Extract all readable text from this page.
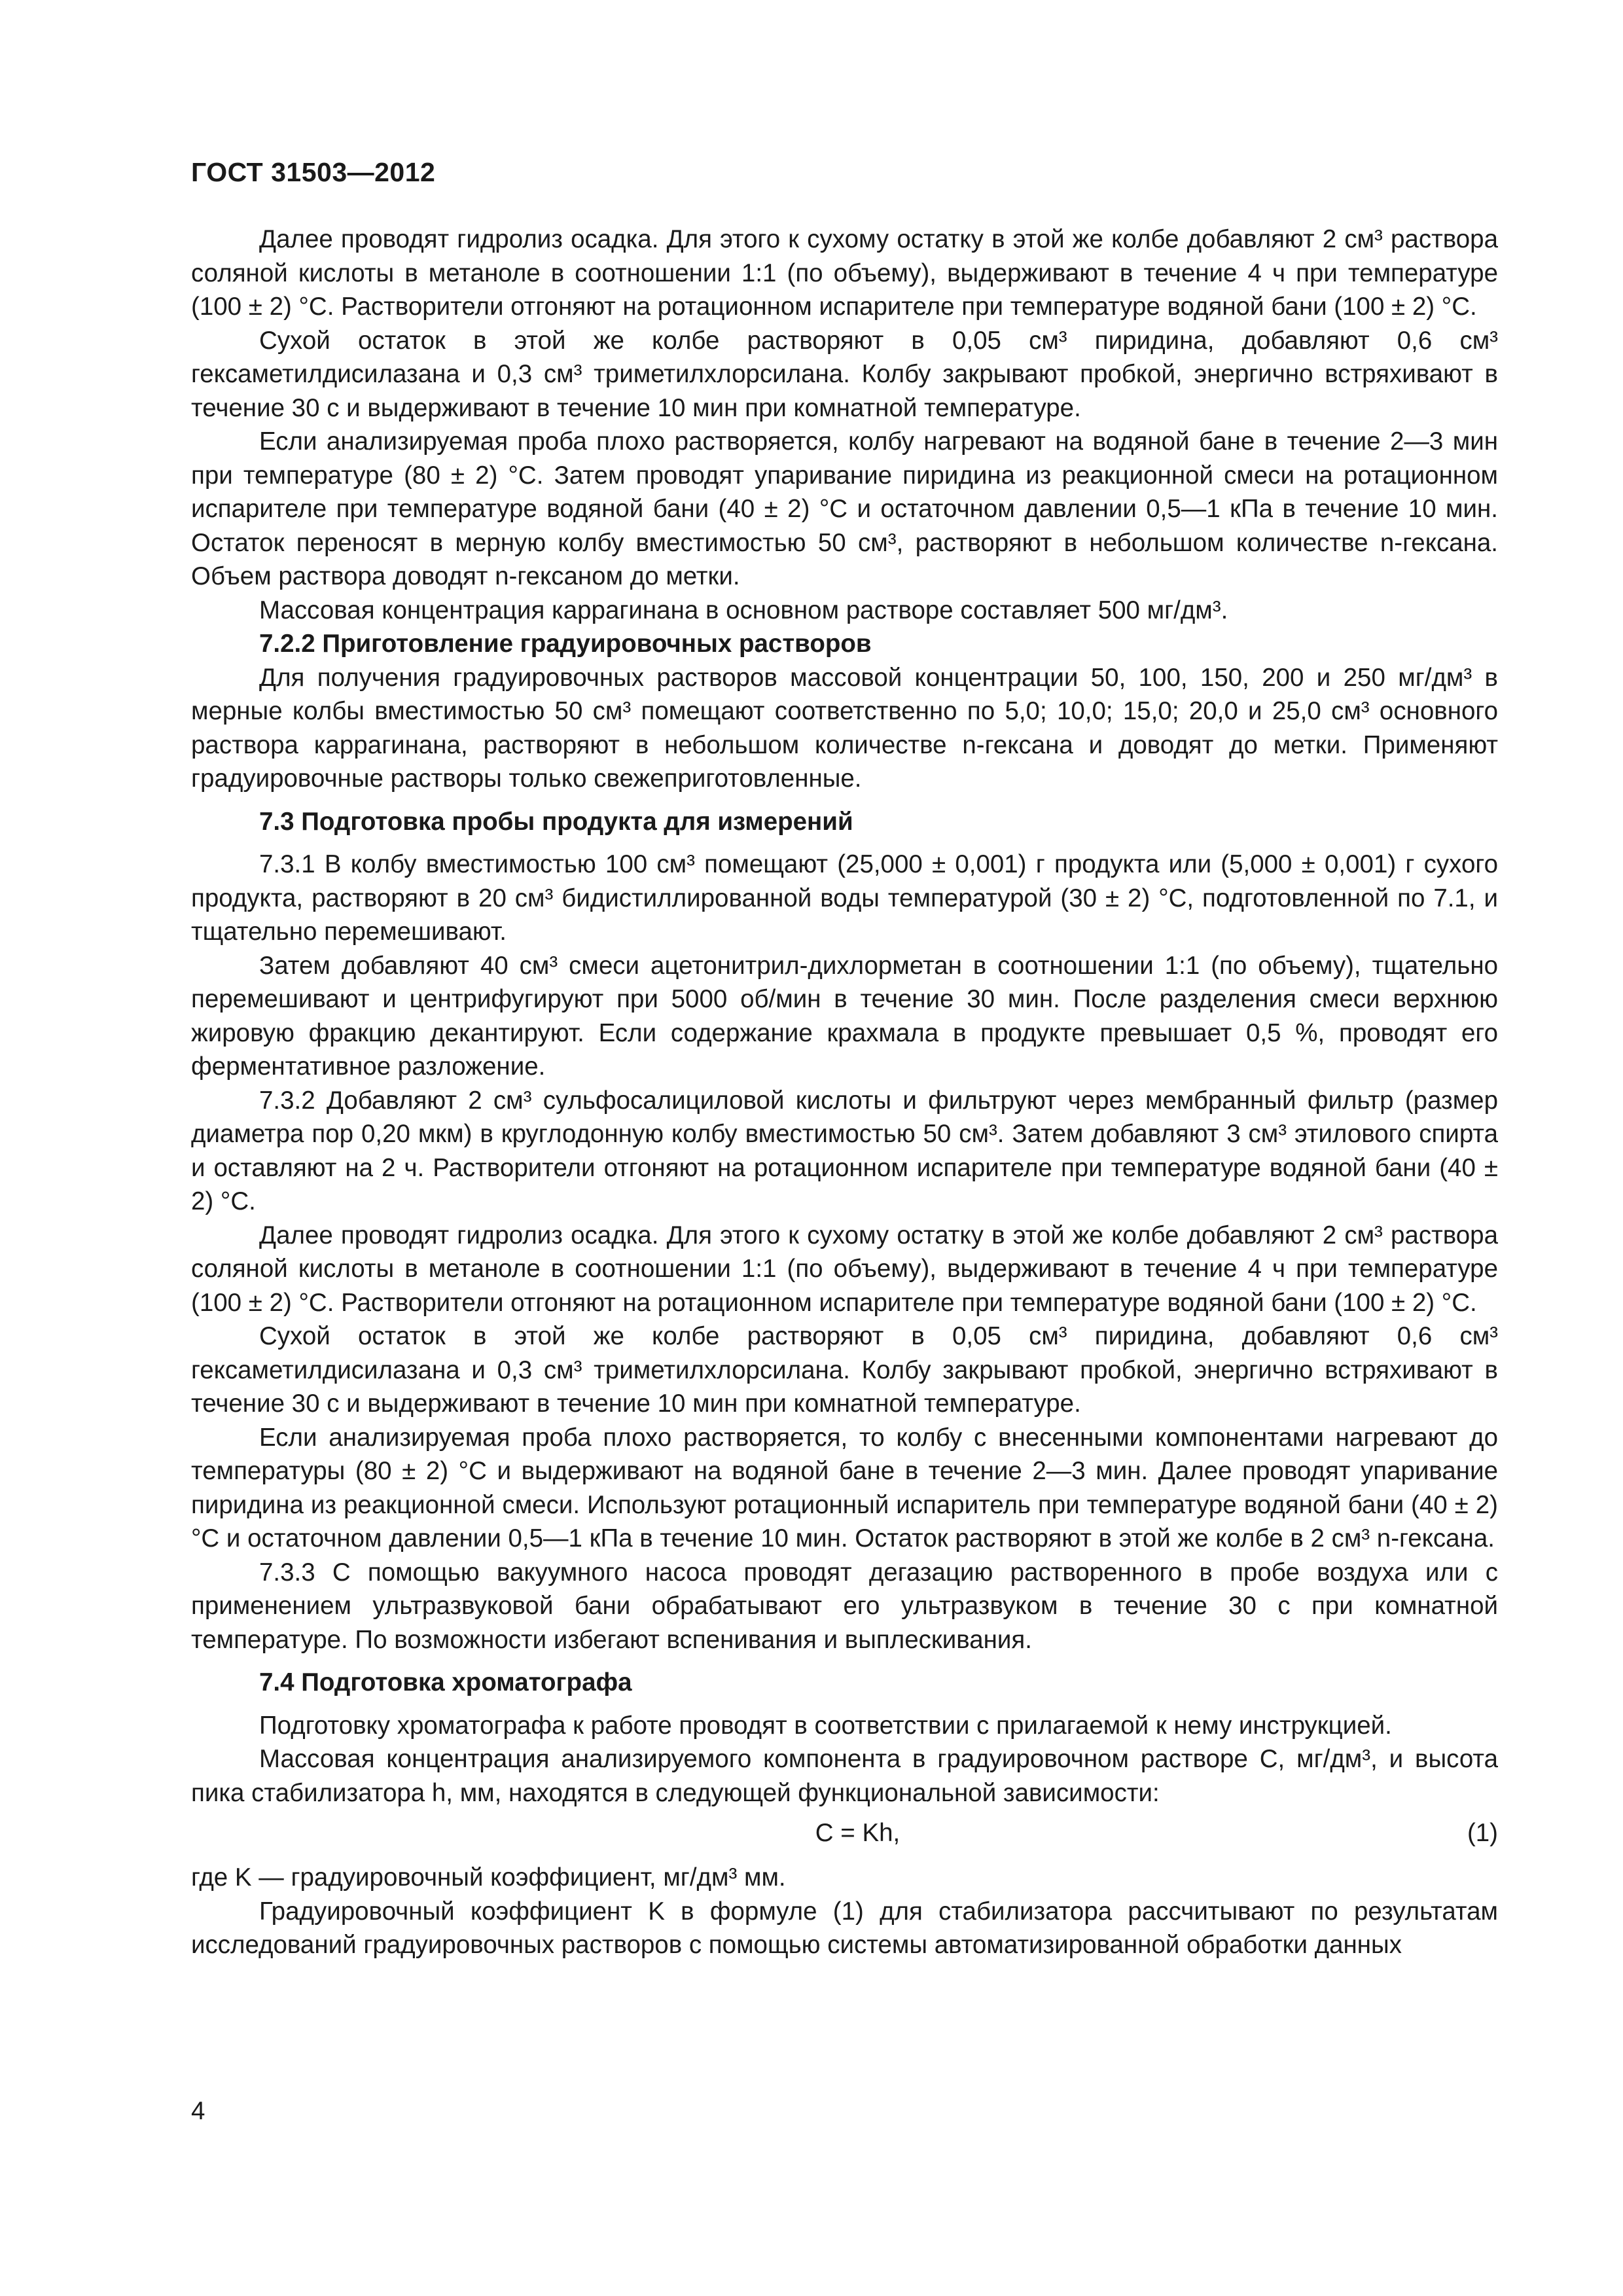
ГОСТ 31503—2012

Далее проводят гидролиз осадка. Для этого к сухому остатку в этой же колбе добавляют 2 см³ раствора соляной кислоты в метаноле в соотношении 1:1 (по объему), выдерживают в течение 4 ч при температуре (100 ± 2) °С. Растворители отгоняют на ротационном испарителе при температуре водяной бани (100 ± 2) °С.

Сухой остаток в этой же колбе растворяют в 0,05 см³ пиридина, добавляют 0,6 см³ гексаметилдисилазана и 0,3 см³ триметилхлорсилана. Колбу закрывают пробкой, энергично встряхивают в течение 30 с и выдерживают в течение 10 мин при комнатной температуре.

Если анализируемая проба плохо растворяется, колбу нагревают на водяной бане в течение 2—3 мин при температуре (80 ± 2) °С. Затем проводят упаривание пиридина из реакционной смеси на ротационном испарителе при температуре водяной бани (40 ± 2) °С и остаточном давлении 0,5—1 кПа в течение 10 мин. Остаток переносят в мерную колбу вместимостью 50 см³, растворяют в небольшом количестве n-гексана. Объем раствора доводят n-гексаном до метки.

Массовая концентрация каррагинана в основном растворе составляет 500 мг/дм³.

7.2.2 Приготовление градуировочных растворов

Для получения градуировочных растворов массовой концентрации 50, 100, 150, 200 и 250 мг/дм³ в мерные колбы вместимостью 50 см³ помещают соответственно по 5,0; 10,0; 15,0; 20,0 и 25,0 см³ основного раствора каррагинана, растворяют в небольшом количестве n-гексана и доводят до метки. Применяют градуировочные растворы только свежеприготовленные.

7.3 Подготовка пробы продукта для измерений

7.3.1 В колбу вместимостью 100 см³ помещают (25,000 ± 0,001) г продукта или (5,000 ± 0,001) г сухого продукта, растворяют в 20 см³ бидистиллированной воды температурой (30 ± 2) °С, подготовленной по 7.1, и тщательно перемешивают.

Затем добавляют 40 см³ смеси ацетонитрил-дихлорметан в соотношении 1:1 (по объему), тщательно перемешивают и центрифугируют при 5000 об/мин в течение 30 мин. После разделения смеси верхнюю жировую фракцию декантируют. Если содержание крахмала в продукте превышает 0,5 %, проводят его ферментативное разложение.

7.3.2 Добавляют 2 см³ сульфосалициловой кислоты и фильтруют через мембранный фильтр (размер диаметра пор 0,20 мкм) в круглодонную колбу вместимостью 50 см³. Затем добавляют 3 см³ этилового спирта и оставляют на 2 ч. Растворители отгоняют на ротационном испарителе при температуре водяной бани (40 ± 2) °С.

Далее проводят гидролиз осадка. Для этого к сухому остатку в этой же колбе добавляют 2 см³ раствора соляной кислоты в метаноле в соотношении 1:1 (по объему), выдерживают в течение 4 ч при температуре (100 ± 2) °С. Растворители отгоняют на ротационном испарителе при температуре водяной бани (100 ± 2) °С.

Сухой остаток в этой же колбе растворяют в 0,05 см³ пиридина, добавляют 0,6 см³ гексаметилдисилазана и 0,3 см³ триметилхлорсилана. Колбу закрывают пробкой, энергично встряхивают в течение 30 с и выдерживают в течение 10 мин при комнатной температуре.

Если анализируемая проба плохо растворяется, то колбу с внесенными компонентами нагревают до температуры (80 ± 2) °С и выдерживают на водяной бане в течение 2—3 мин. Далее проводят упаривание пиридина из реакционной смеси. Используют ротационный испаритель при температуре водяной бани (40 ± 2) °С и остаточном давлении 0,5—1 кПа в течение 10 мин. Остаток растворяют в этой же колбе в 2 см³ n-гексана.

7.3.3 С помощью вакуумного насоса проводят дегазацию растворенного в пробе воздуха или с применением ультразвуковой бани обрабатывают его ультразвуком в течение 30 с при комнатной температуре. По возможности избегают вспенивания и выплескивания.

7.4 Подготовка хроматографа

Подготовку хроматографа к работе проводят в соответствии с прилагаемой к нему инструкцией.

Массовая концентрация анализируемого компонента в градуировочном растворе С, мг/дм³, и высота пика стабилизатора h, мм, находятся в следующей функциональной зависимости:

C = Kh,	(1)

где K — градуировочный коэффициент, мг/дм³ мм.

Градуировочный коэффициент K в формуле (1) для стабилизатора рассчитывают по результатам исследований градуировочных растворов с помощью системы автоматизированной обработки данных

4
